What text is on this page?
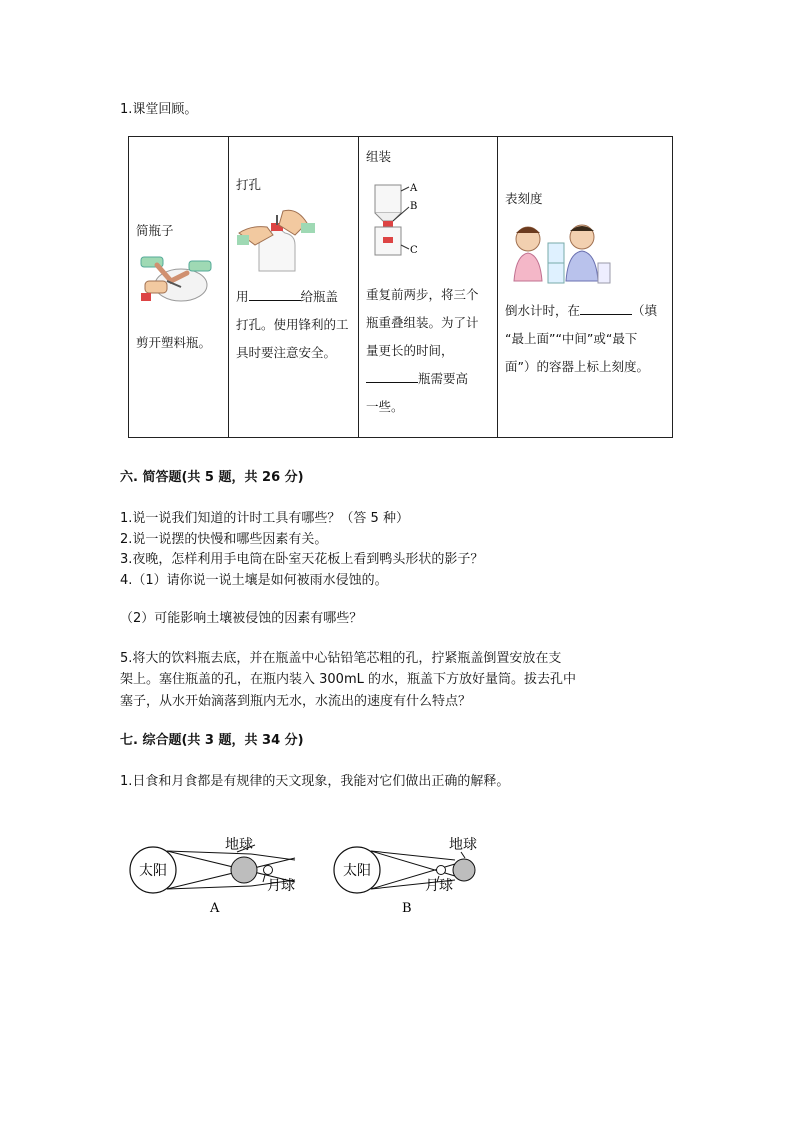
1.课堂回顾。
简瓶子
剪开塑料瓶。

打孔
用	给瓶盖
打孔。使用锋利的工具时要注意安全。

组装
A
B
C
重复前两步，将三个
瓶重叠组装。为了计
量更长的时间，
瓶需要高
一些。

表刻度
倒水计时，在	（填
“最上面”“中间”或“最下
面”）的容器上标上刻度。
六. 简答题(共 5 题，共 26 分)
1.说一说我们知道的计时工具有哪些？（答 5 种）
2.说一说摆的快慢和哪些因素有关。
3.夜晚，怎样利用手电筒在卧室天花板上看到鸭头形状的影子？
4.（1）请你说一说土壤是如何被雨水侵蚀的。
（2）可能影响土壤被侵蚀的因素有哪些？
5.将大的饮料瓶去底，并在瓶盖中心钻铅笔芯粗的孔，拧紧瓶盖倒置安放在支
架上。塞住瓶盖的孔，在瓶内装入 300mL 的水，瓶盖下方放好量筒。拔去孔中
塞子，从水开始滴落到瓶内无水，水流出的速度有什么特点？
七. 综合题(共 3 题，共 34 分)
1.日食和月食都是有规律的天文现象，我能对它们做出正确的解释。
太阳
地球
月球
A
太阳
地球
月球
B
